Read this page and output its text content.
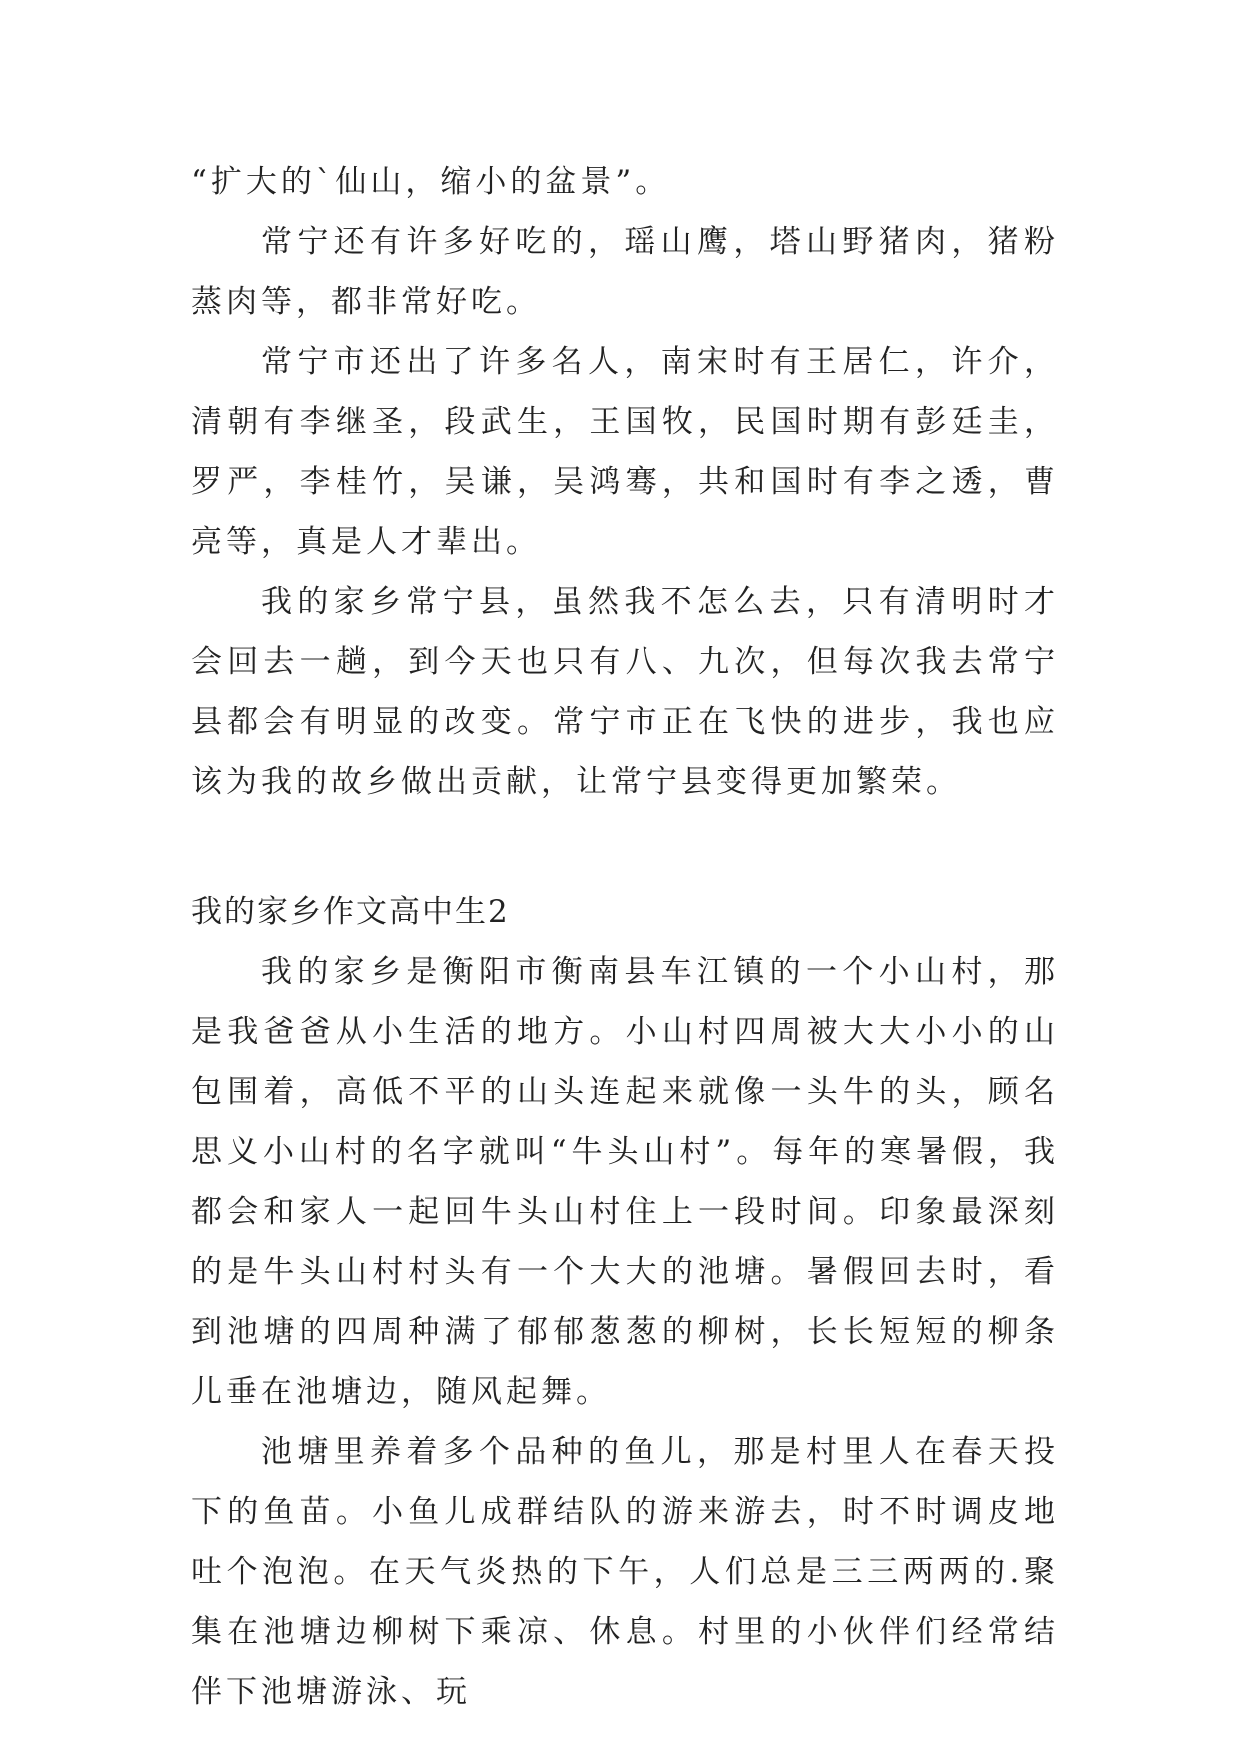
“扩大的`仙山，缩小的盆景”。

常宁还有许多好吃的，瑶山鹰，塔山野猪肉，猪粉蒸肉等，都非常好吃。

常宁市还出了许多名人，南宋时有王居仁，许介，清朝有李继圣，段武生，王国牧，民国时期有彭廷圭，罗严，李桂竹，吴谦，吴鸿骞，共和国时有李之透，曹亮等，真是人才辈出。

我的家乡常宁县，虽然我不怎么去，只有清明时才会回去一趟，到今天也只有八、九次，但每次我去常宁县都会有明显的改变。常宁市正在飞快的进步，我也应该为我的故乡做出贡献，让常宁县变得更加繁荣。

我的家乡作文高中生2

我的家乡是衡阳市衡南县车江镇的一个小山村，那是我爸爸从小生活的地方。小山村四周被大大小小的山包围着，高低不平的山头连起来就像一头牛的头，顾名思义小山村的名字就叫“牛头山村”。每年的寒暑假，我都会和家人一起回牛头山村住上一段时间。印象最深刻的是牛头山村村头有一个大大的池塘。暑假回去时，看到池塘的四周种满了郁郁葱葱的柳树，长长短短的柳条儿垂在池塘边，随风起舞。

池塘里养着多个品种的鱼儿，那是村里人在春天投下的鱼苗。小鱼儿成群结队的游来游去，时不时调皮地吐个泡泡。在天气炎热的下午，人们总是三三两两的.聚集在池塘边柳树下乘凉、休息。村里的小伙伴们经常结伴下池塘游泳、玩
